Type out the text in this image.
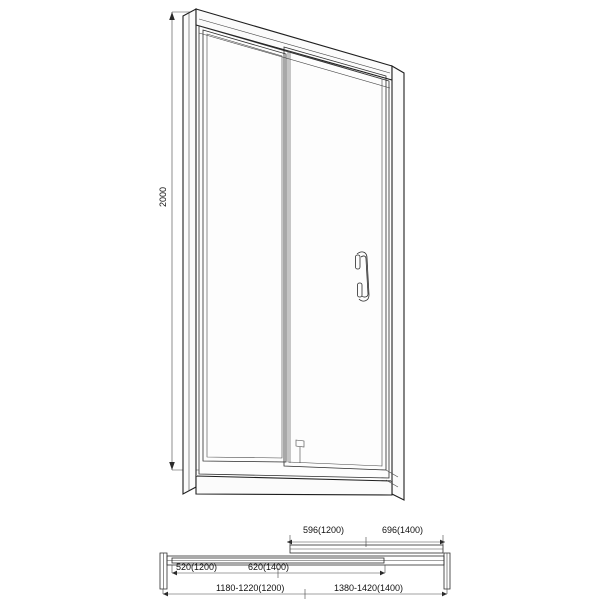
596(1200)	696(1400)
520(1200)	620(1400)
1180-1220(1200)	1380-1420(1400)
2000
